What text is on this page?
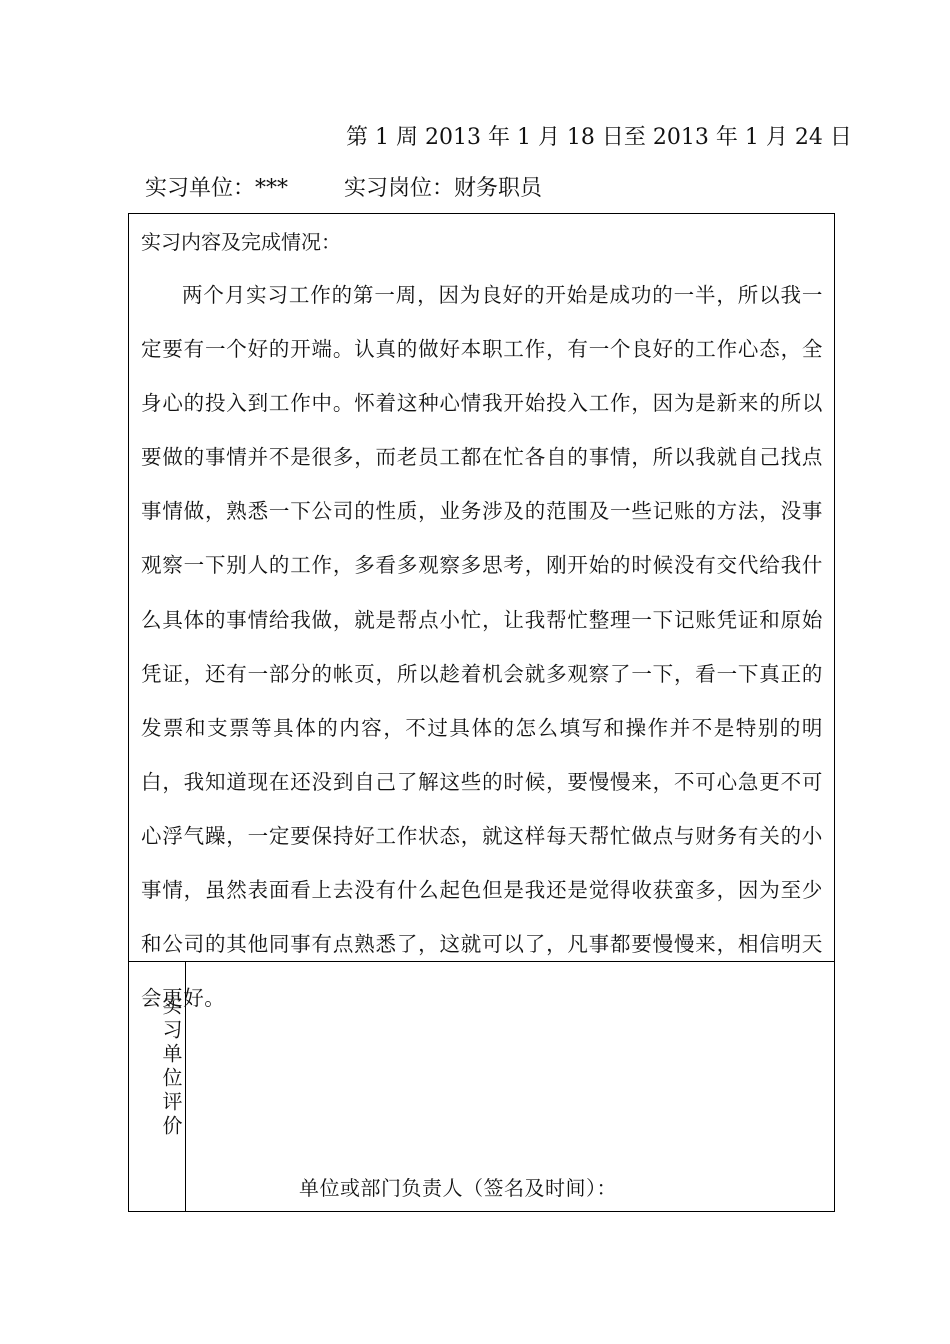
第 1 周 2013 年 1 月 18 日至 2013 年 1 月 24 日
实习单位：***	实习岗位：财务职员
实习内容及完成情况：
两个月实习工作的第一周，因为良好的开始是成功的一半，所以我一定要有一个好的开端。认真的做好本职工作，有一个良好的工作心态，全身心的投入到工作中。怀着这种心情我开始投入工作，因为是新来的所以要做的事情并不是很多，而老员工都在忙各自的事情，所以我就自己找点事情做，熟悉一下公司的性质，业务涉及的范围及一些记账的方法，没事观察一下别人的工作，多看多观察多思考，刚开始的时候没有交代给我什么具体的事情给我做，就是帮点小忙，让我帮忙整理一下记账凭证和原始凭证，还有一部分的帐页，所以趁着机会就多观察了一下，看一下真正的发票和支票等具体的内容，不过具体的怎么填写和操作并不是特别的明白，我知道现在还没到自己了解这些的时候，要慢慢来，不可心急更不可心浮气躁，一定要保持好工作状态，就这样每天帮忙做点与财务有关的小事情，虽然表面看上去没有什么起色但是我还是觉得收获蛮多，因为至少和公司的其他同事有点熟悉了，这就可以了，凡事都要慢慢来，相信明天会更好。
实习单位评价
单位或部门负责人（签名及时间）：
